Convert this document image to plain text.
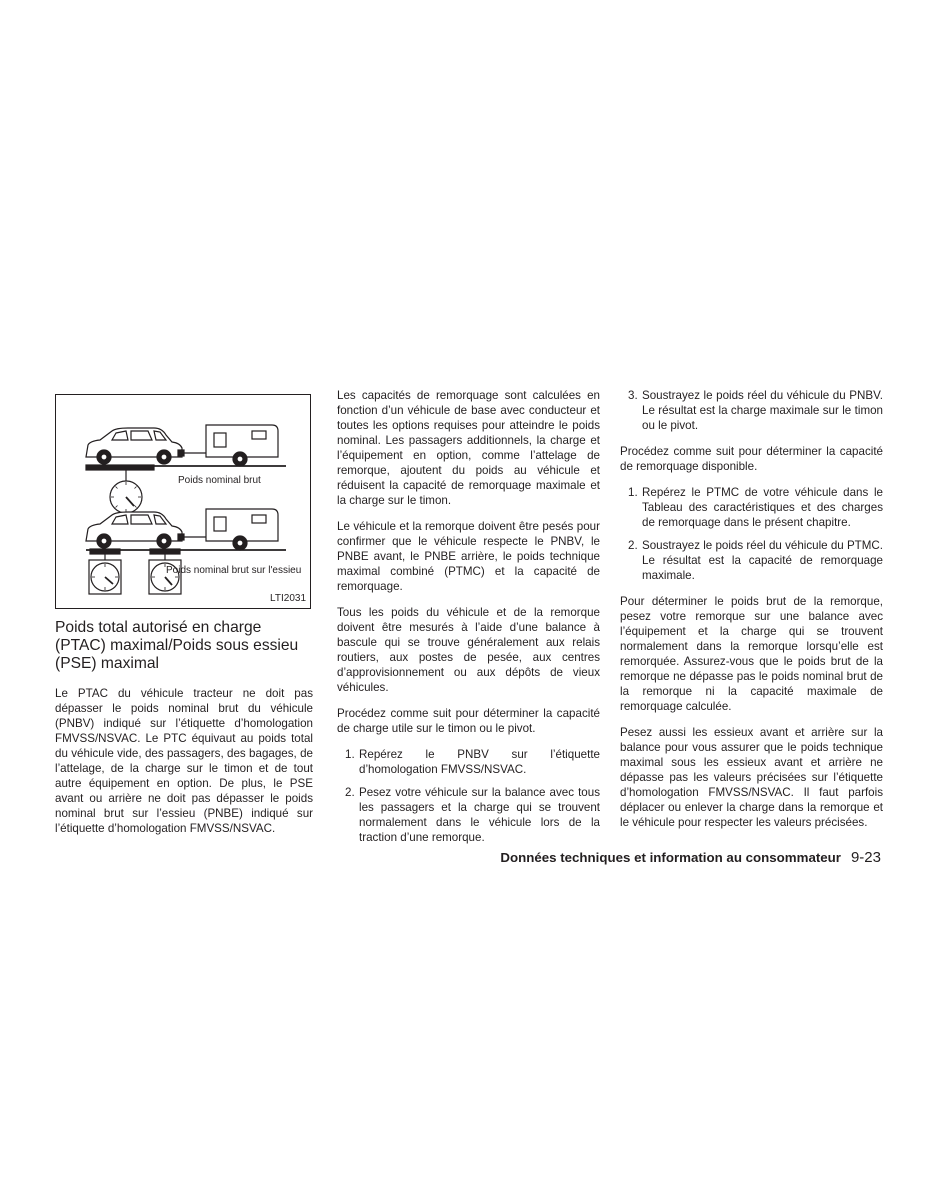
Poids nominal brut
Poids nominal brut sur l'essieu
LTI2031
Poids total autorisé en charge (PTAC) maximal/Poids sous essieu (PSE) maximal

Le PTAC du véhicule tracteur ne doit pas dépasser le poids nominal brut du véhicule (PNBV) indiqué sur l’étiquette d’homologation FMVSS/NSVAC. Le PTC équivaut au poids total du véhicule vide, des passagers, des bagages, de l’attelage, de la charge sur le timon et de tout autre équipement en option. De plus, le PSE avant ou arrière ne doit pas dépasser le poids nominal brut sur l’essieu (PNBE) indiqué sur l’étiquette d’homologation FMVSS/NSVAC.

Les capacités de remorquage sont calculées en fonction d’un véhicule de base avec conducteur et toutes les options requises pour atteindre le poids nominal. Les passagers additionnels, la charge et l’équipement en option, comme l’attelage de remorque, ajoutent du poids au véhicule et réduisent la capacité de remorquage maximale et la charge sur le timon.

Le véhicule et la remorque doivent être pesés pour confirmer que le véhicule respecte le PNBV, le PNBE avant, le PNBE arrière, le poids technique maximal combiné (PTMC) et la capacité de remorquage.

Tous les poids du véhicule et de la remorque doivent être mesurés à l’aide d’une balance à bascule qui se trouve généralement aux relais routiers, aux postes de pesée, aux centres d’approvisionnement ou aux dépôts de vieux véhicules.

Procédez comme suit pour déterminer la capacité de charge utile sur le timon ou le pivot.

1. Repérez le PNBV sur l’étiquette d’homologation FMVSS/NSVAC.
2. Pesez votre véhicule sur la balance avec tous les passagers et la charge qui se trouvent normalement dans le véhicule lors de la traction d’une remorque.
3. Soustrayez le poids réel du véhicule du PNBV. Le résultat est la charge maximale sur le timon ou le pivot.

Procédez comme suit pour déterminer la capacité de remorquage disponible.

1. Repérez le PTMC de votre véhicule dans le Tableau des caractéristiques et des charges de remorquage dans le présent chapitre.
2. Soustrayez le poids réel du véhicule du PTMC. Le résultat est la capacité de remorquage maximale.

Pour déterminer le poids brut de la remorque, pesez votre remorque sur une balance avec l’équipement et la charge qui se trouvent normalement dans la remorque lorsqu’elle est remorquée. Assurez-vous que le poids brut de la remorque ne dépasse pas le poids nominal brut de la remorque ni la capacité maximale de remorquage calculée.

Pesez aussi les essieux avant et arrière sur la balance pour vous assurer que le poids technique maximal sous les essieux avant et arrière ne dépasse pas les valeurs précisées sur l’étiquette d’homologation FMVSS/NSVAC. Il faut parfois déplacer ou enlever la charge dans la remorque et le véhicule pour respecter les valeurs précisées.

Données techniques et information au consommateur 9-23
